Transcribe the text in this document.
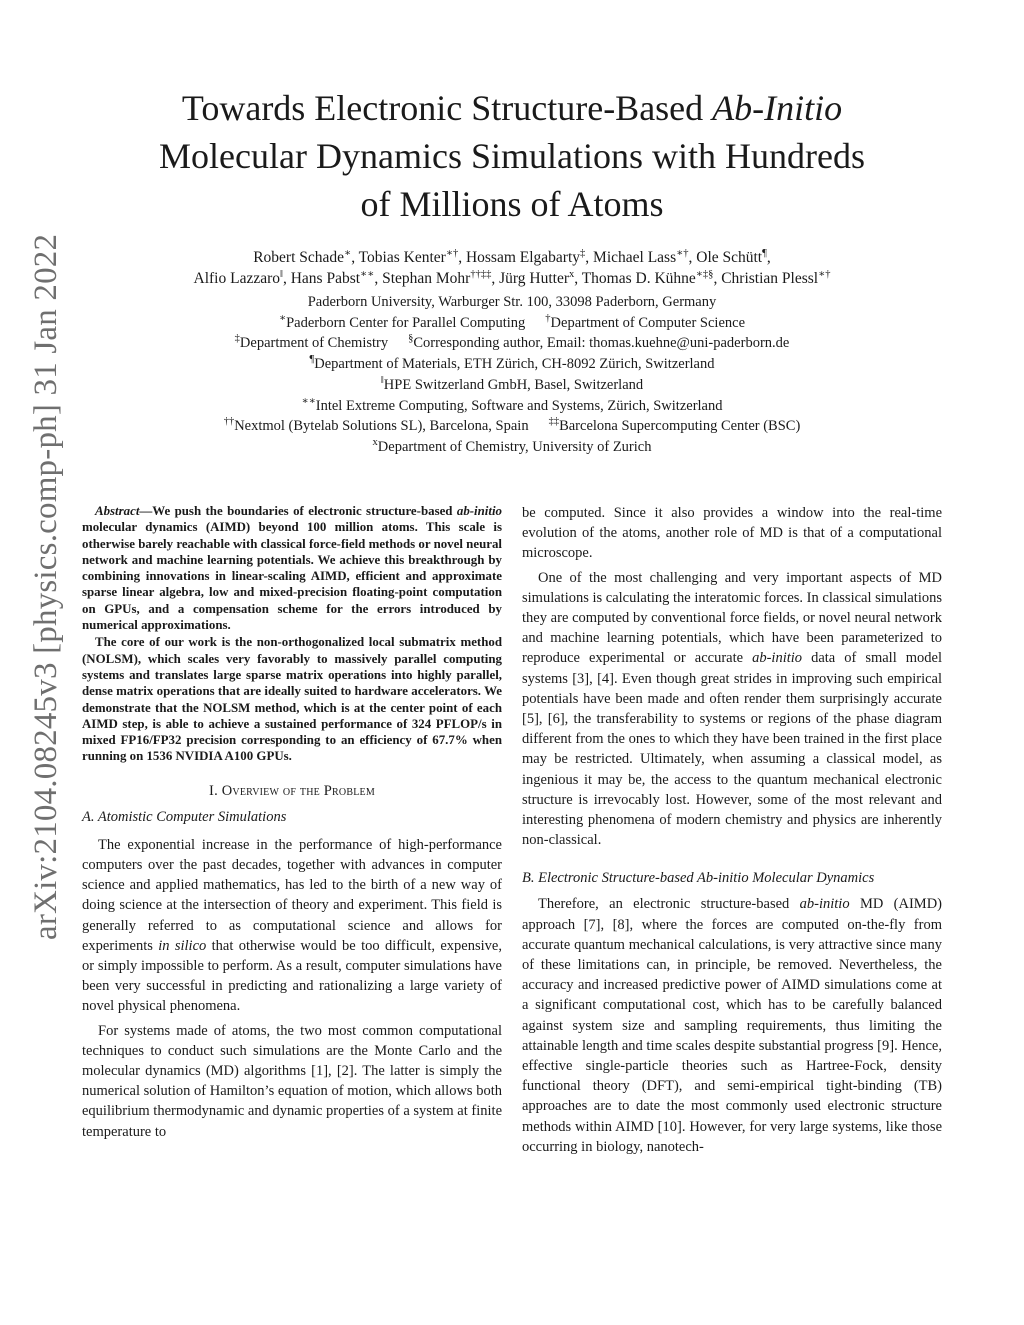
arXiv:2104.08245v3 [physics.comp-ph] 31 Jan 2022
Towards Electronic Structure-Based Ab-Initio
Molecular Dynamics Simulations with Hundreds
of Millions of Atoms
Robert Schade∗, Tobias Kenter∗†, Hossam Elgabarty‡, Michael Lass∗†, Ole Schütt¶,
Alfio Lazzaro‖, Hans Pabst∗∗, Stephan Mohr††‡‡, Jürg Hutter$^x$, Thomas D. Kühne∗‡§, Christian Plessl∗†
Paderborn University, Warburger Str. 100, 33098 Paderborn, Germany
∗Paderborn Center for Parallel Computing †Department of Computer Science
‡Department of Chemistry §Corresponding author, Email: thomas.kuehne@uni-paderborn.de
¶Department of Materials, ETH Zürich, CH-8092 Zürich, Switzerland
‖HPE Switzerland GmbH, Basel, Switzerland
∗∗Intel Extreme Computing, Software and Systems, Zürich, Switzerland
††Nextmol (Bytelab Solutions SL), Barcelona, Spain ‡‡Barcelona Supercomputing Center (BSC)
$^x$Department of Chemistry, University of Zurich

Abstract—We push the boundaries of electronic structure-based ab-initio molecular dynamics (AIMD) beyond 100 million atoms. This scale is otherwise barely reachable with classical force-field methods or novel neural network and machine learning potentials. We achieve this breakthrough by combining innovations in linear-scaling AIMD, efficient and approximate sparse linear algebra, low and mixed-precision floating-point computation on GPUs, and a compensation scheme for the errors introduced by numerical approximations.

The core of our work is the non-orthogonalized local submatrix method (NOLSM), which scales very favorably to massively parallel computing systems and translates large sparse matrix operations into highly parallel, dense matrix operations that are ideally suited to hardware accelerators. We demonstrate that the NOLSM method, which is at the center point of each AIMD step, is able to achieve a sustained performance of 324 PFLOP/s in mixed FP16/FP32 precision corresponding to an efficiency of 67.7% when running on 1536 NVIDIA A100 GPUs.

I. Overview of the Problem
A. Atomistic Computer Simulations

The exponential increase in the performance of high-performance computers over the past decades, together with advances in computer science and applied mathematics, has led to the birth of a new way of doing science at the intersection of theory and experiment. This field is generally referred to as computational science and allows for experiments in silico that otherwise would be too difficult, expensive, or simply impossible to perform. As a result, computer simulations have been very successful in predicting and rationalizing a large variety of novel physical phenomena.

For systems made of atoms, the two most common computational techniques to conduct such simulations are the Monte Carlo and the molecular dynamics (MD) algorithms [1], [2]. The latter is simply the numerical solution of Hamilton’s equation of motion, which allows both equilibrium thermodynamic and dynamic properties of a system at finite temperature to

be computed. Since it also provides a window into the real-time evolution of the atoms, another role of MD is that of a computational microscope.

One of the most challenging and very important aspects of MD simulations is calculating the interatomic forces. In classical simulations they are computed by conventional force fields, or novel neural network and machine learning potentials, which have been parameterized to reproduce experimental or accurate ab-initio data of small model systems [3], [4]. Even though great strides in improving such empirical potentials have been made and often render them surprisingly accurate [5], [6], the transferability to systems or regions of the phase diagram different from the ones to which they have been trained in the first place may be restricted. Ultimately, when assuming a classical model, as ingenious it may be, the access to the quantum mechanical electronic structure is irrevocably lost. However, some of the most relevant and interesting phenomena of modern chemistry and physics are inherently non-classical.

B. Electronic Structure-based Ab-initio Molecular Dynamics

Therefore, an electronic structure-based ab-initio MD (AIMD) approach [7], [8], where the forces are computed on-the-fly from accurate quantum mechanical calculations, is very attractive since many of these limitations can, in principle, be removed. Nevertheless, the accuracy and increased predictive power of AIMD simulations come at a significant computational cost, which has to be carefully balanced against system size and sampling requirements, thus limiting the attainable length and time scales despite substantial progress [9]. Hence, effective single-particle theories such as Hartree-Fock, density functional theory (DFT), and semi-empirical tight-binding (TB) approaches are to date the most commonly used electronic structure methods within AIMD [10]. However, for very large systems, like those occurring in biology, nanotech-
